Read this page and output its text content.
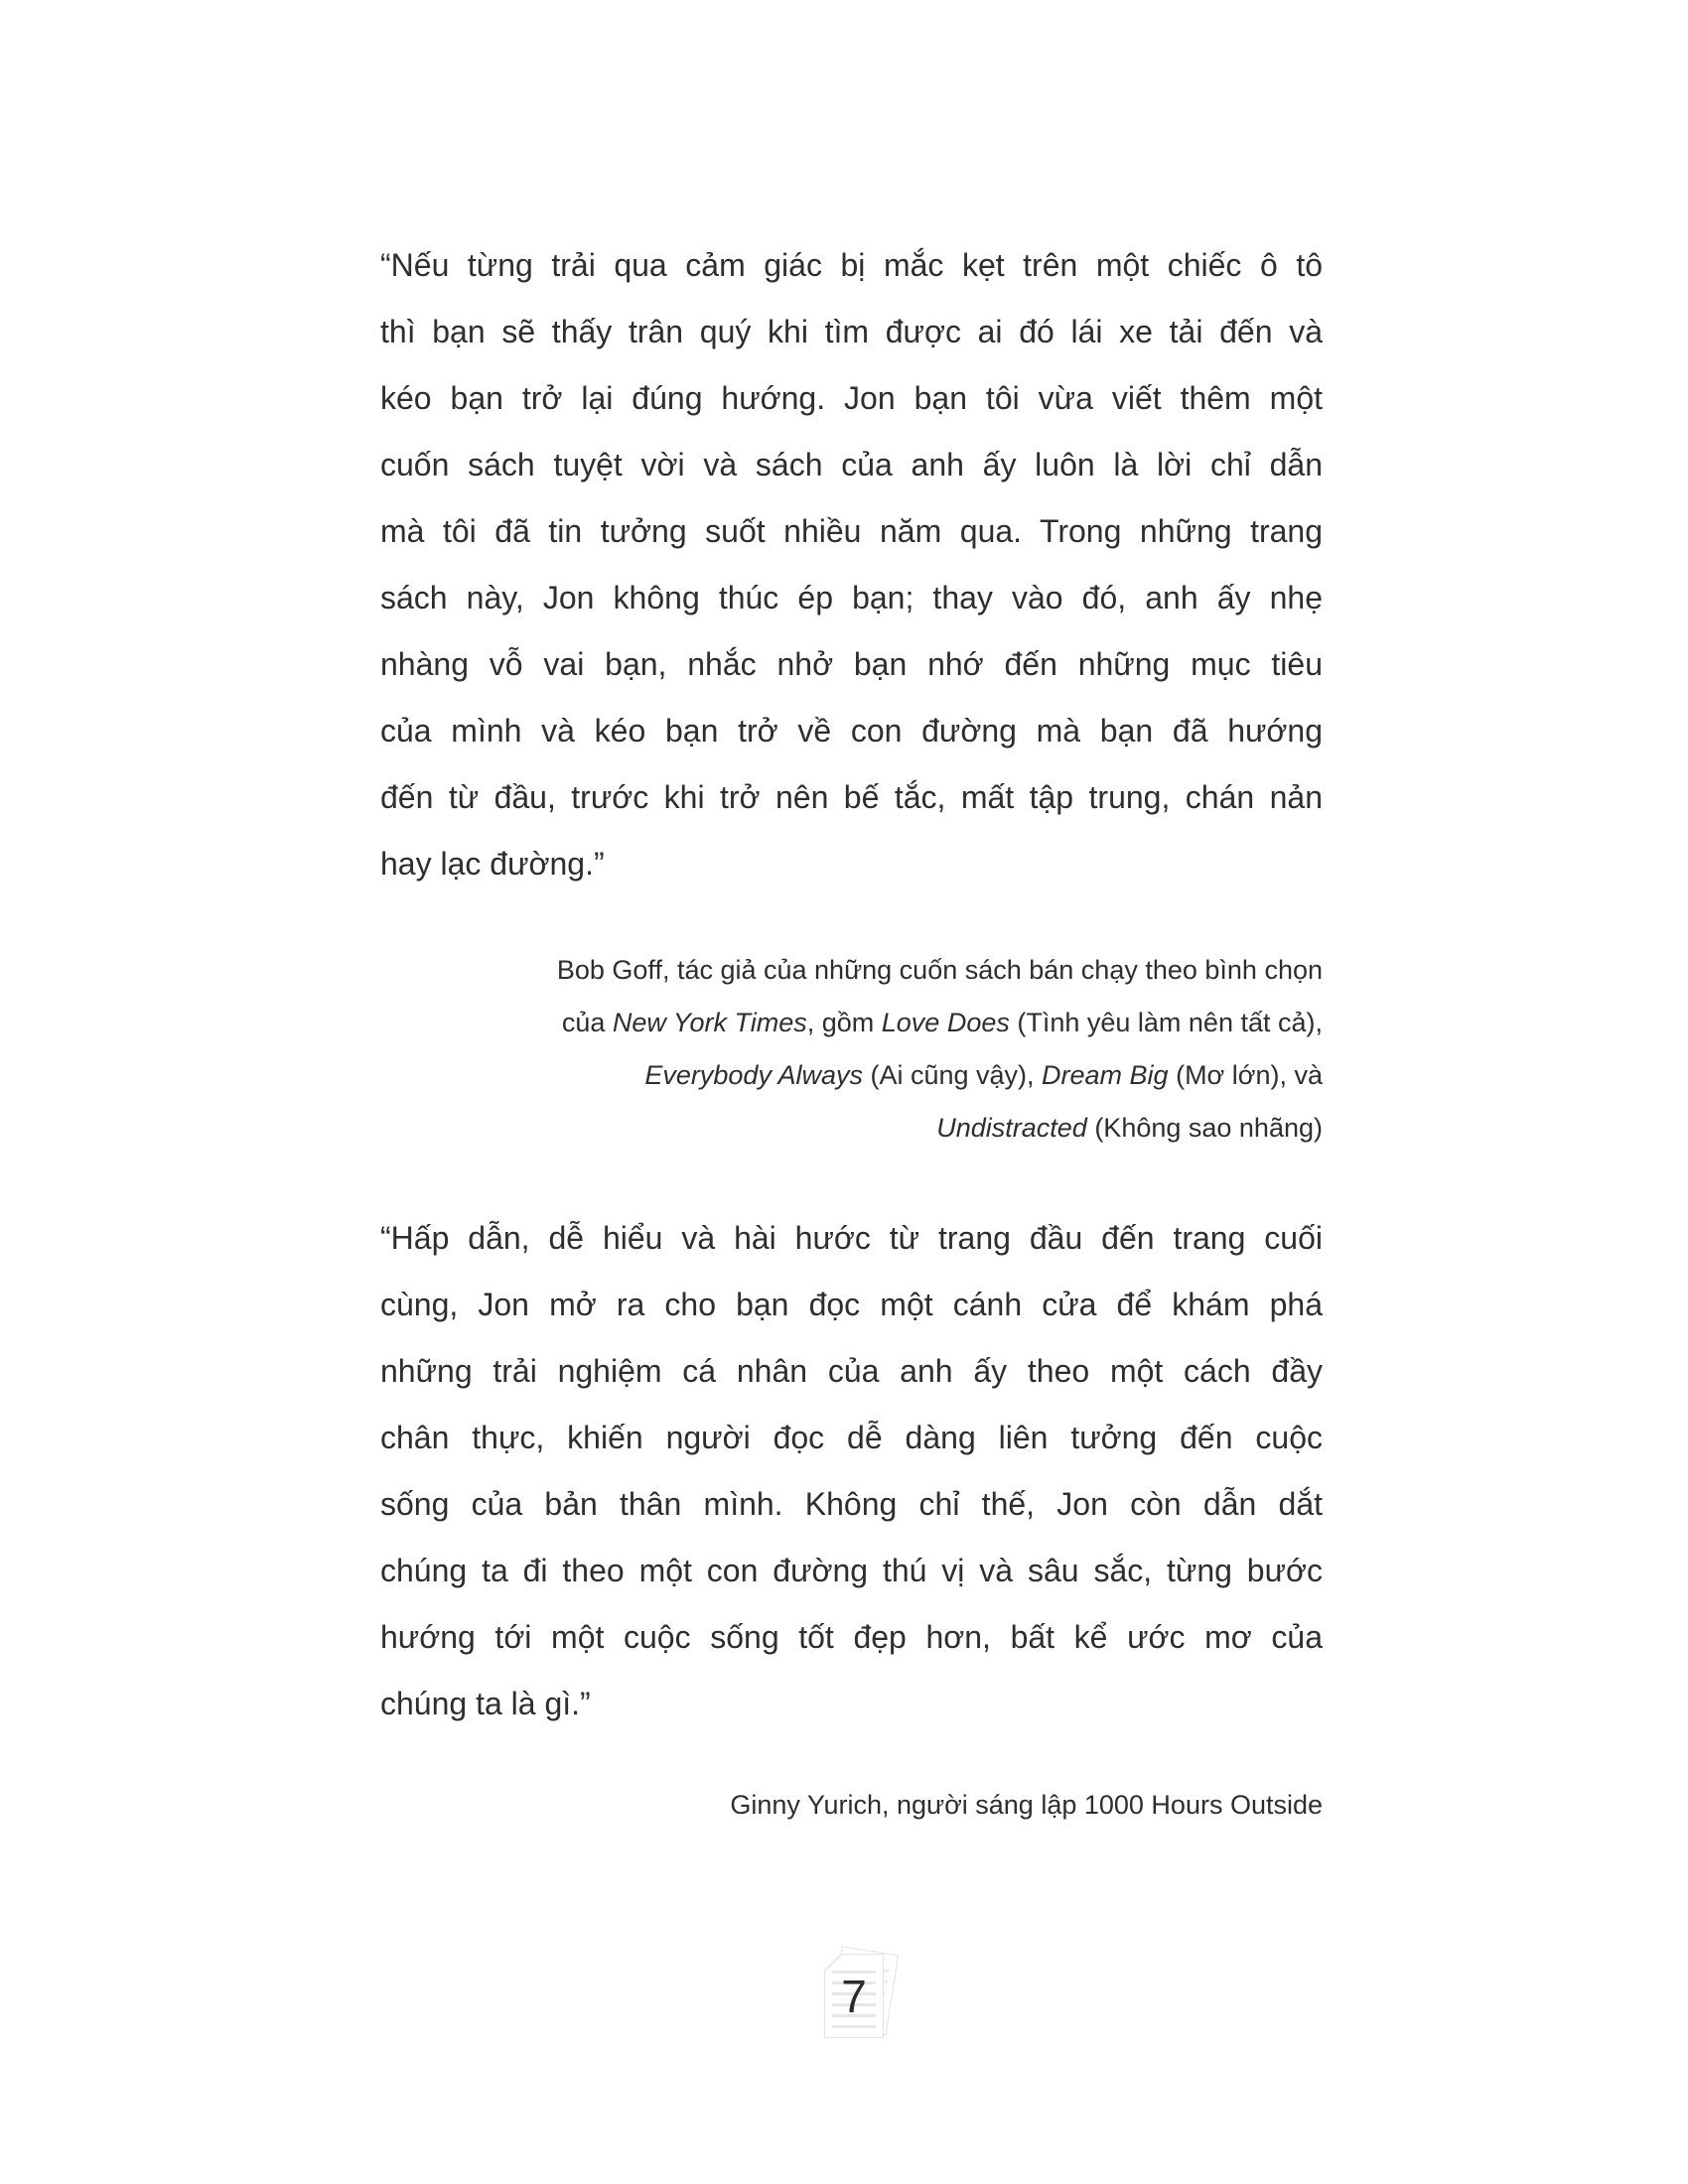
“Nếu từng trải qua cảm giác bị mắc kẹt trên một chiếc ô tô
thì bạn sẽ thấy trân quý khi tìm được ai đó lái xe tải đến và
kéo bạn trở lại đúng hướng. Jon bạn tôi vừa viết thêm một
cuốn sách tuyệt vời và sách của anh ấy luôn là lời chỉ dẫn
mà tôi đã tin tưởng suốt nhiều năm qua. Trong những trang
sách này, Jon không thúc ép bạn; thay vào đó, anh ấy nhẹ
nhàng vỗ vai bạn, nhắc nhở bạn nhớ đến những mục tiêu
của mình và kéo bạn trở về con đường mà bạn đã hướng
đến từ đầu, trước khi trở nên bế tắc, mất tập trung, chán nản
hay lạc đường.”
Bob Goff, tác giả của những cuốn sách bán chạy theo bình chọn
của New York Times, gồm Love Does (Tình yêu làm nên tất cả),
Everybody Always (Ai cũng vậy), Dream Big (Mơ lớn), và
Undistracted (Không sao nhãng)
“Hấp dẫn, dễ hiểu và hài hước từ trang đầu đến trang cuối
cùng, Jon mở ra cho bạn đọc một cánh cửa để khám phá
những trải nghiệm cá nhân của anh ấy theo một cách đầy
chân thực, khiến người đọc dễ dàng liên tưởng đến cuộc
sống của bản thân mình. Không chỉ thế, Jon còn dẫn dắt
chúng ta đi theo một con đường thú vị và sâu sắc, từng bước
hướng tới một cuộc sống tốt đẹp hơn, bất kể ước mơ của
chúng ta là gì.”
Ginny Yurich, người sáng lập 1000 Hours Outside
7
